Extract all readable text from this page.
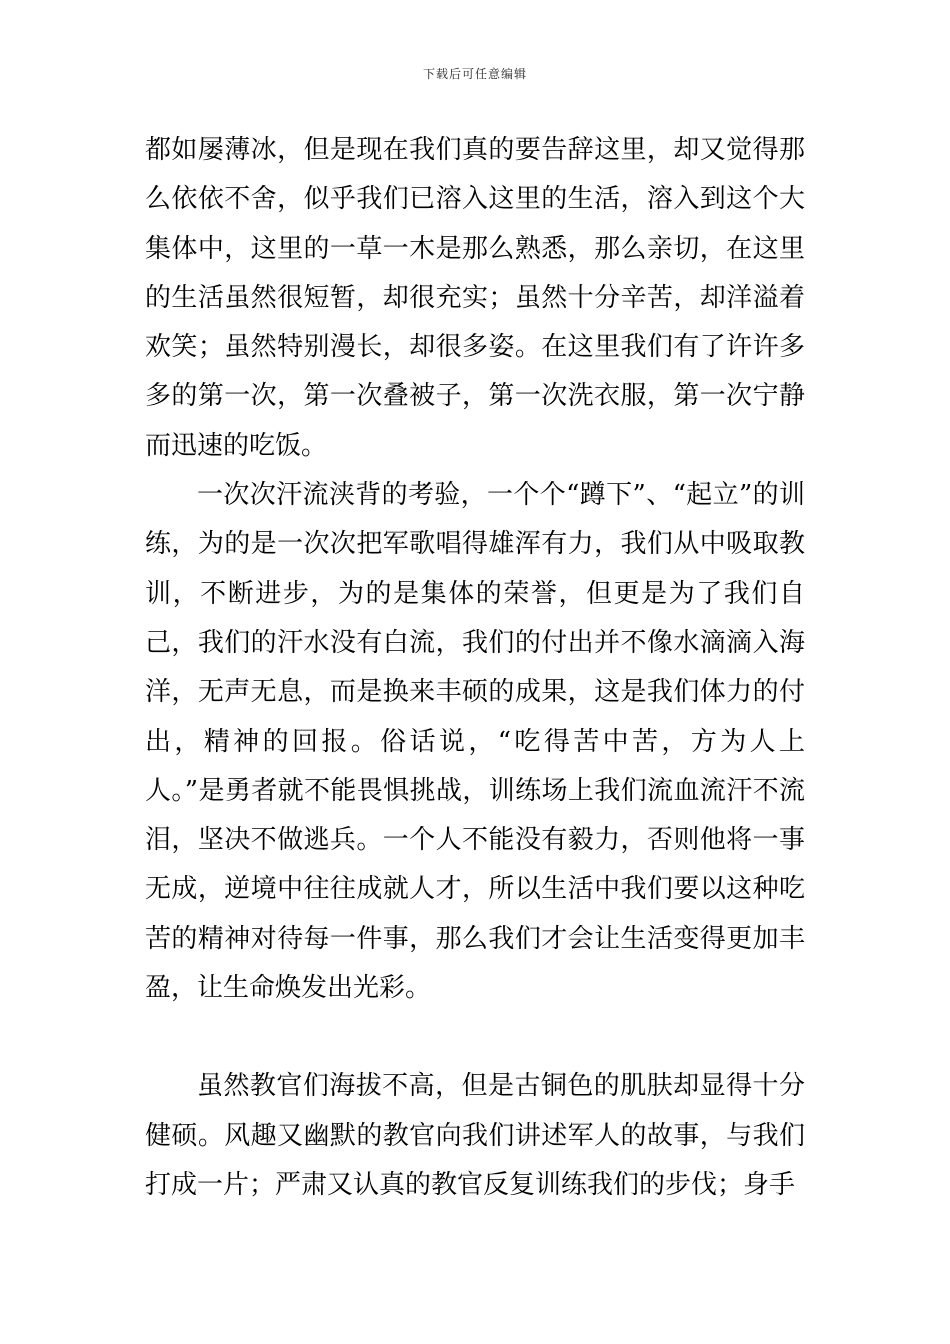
下载后可任意编辑

都如屡薄冰，但是现在我们真的要告辞这里，却又觉得那么依依不舍，似乎我们已溶入这里的生活，溶入到这个大集体中，这里的一草一木是那么熟悉，那么亲切，在这里的生活虽然很短暂，却很充实；虽然十分辛苦，却洋溢着欢笑；虽然特别漫长，却很多姿。在这里我们有了许许多多的第一次，第一次叠被子，第一次洗衣服，第一次宁静而迅速的吃饭。

一次次汗流浃背的考验，一个个“蹲下”、“起立”的训练，为的是一次次把军歌唱得雄浑有力，我们从中吸取教训，不断进步，为的是集体的荣誉，但更是为了我们自己，我们的汗水没有白流，我们的付出并不像水滴滴入海洋，无声无息，而是换来丰硕的成果，这是我们体力的付出，精神的回报。俗话说，“吃得苦中苦，方为人上人。”是勇者就不能畏惧挑战，训练场上我们流血流汗不流泪，坚决不做逃兵。一个人不能没有毅力，否则他将一事无成，逆境中往往成就人才，所以生活中我们要以这种吃苦的精神对待每一件事，那么我们才会让生活变得更加丰盈，让生命焕发出光彩。

虽然教官们海拔不高，但是古铜色的肌肤却显得十分健硕。风趣又幽默的教官向我们讲述军人的故事，与我们打成一片；严肃又认真的教官反复训练我们的步伐；身手
